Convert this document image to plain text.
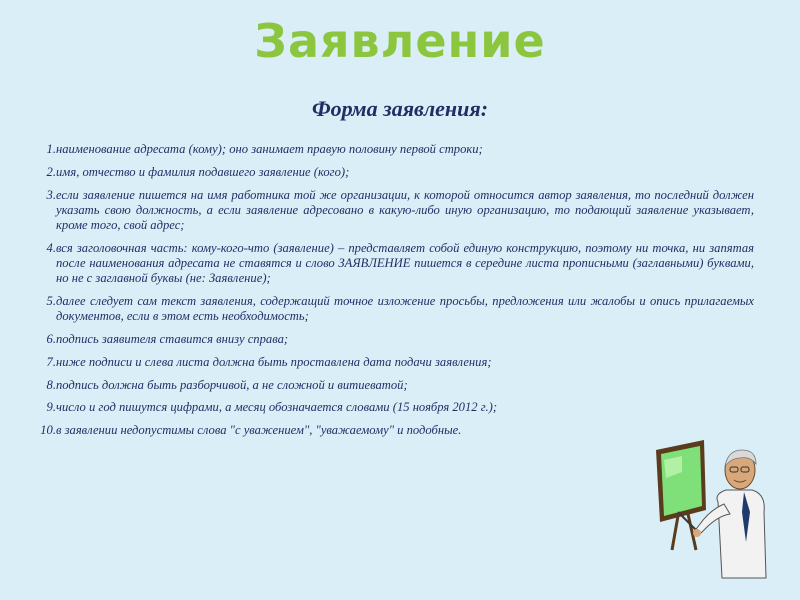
Заявление
Форма заявления:
1. наименование адресата (кому); оно занимает правую половину первой строки;
2. имя, отчество и фамилия подавшего заявление (кого);
3. если заявление пишется на имя работника той же организации, к которой относится автор заявления, то последний должен указать свою должность, а если заявление адресовано в какую-либо иную организацию, то подающий заявление указывает, кроме того, свой адрес;
4. вся заголовочная часть: кому-кого-что (заявление) – представляет собой единую конструкцию, поэтому ни точка, ни запятая после наименования адресата не ставятся и слово ЗАЯВЛЕНИЕ пишется в середине листа прописными (заглавными) буквами, но не с заглавной буквы (не: Заявление);
5. далее следует сам текст заявления, содержащий точное изложение просьбы, предложения или жалобы и опись прилагаемых документов, если в этом есть необходимость;
6. подпись заявителя ставится внизу справа;
7. ниже подписи и слева листа должна быть проставлена дата подачи заявления;
8. подпись должна быть разборчивой, а не сложной и витиеватой;
9. число и год пишутся цифрами, а месяц обозначается словами (15 ноября 2012 г.);
10. в заявлении недопустимы слова "с уважением", "уважаемому" и подобные.
